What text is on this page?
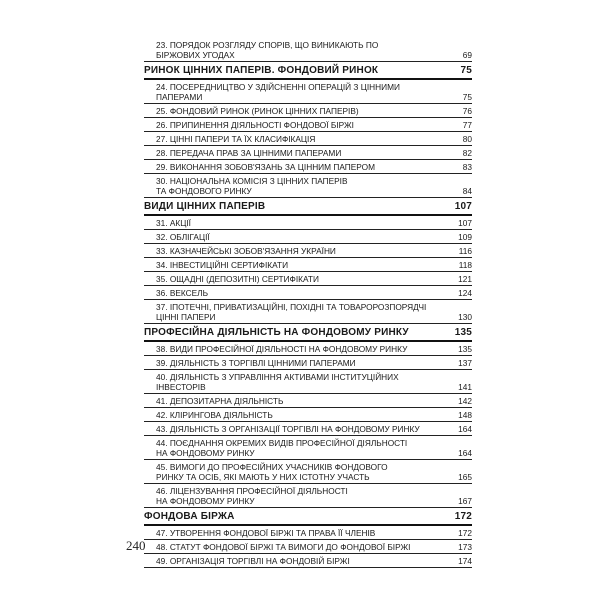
23. ПОРЯДОК РОЗГЛЯДУ СПОРІВ, ЩО ВИНИКАЮТЬ ПО
БІРЖОВИХ УГОДАХ	69
РИНОК ЦІННИХ ПАПЕРІВ. ФОНДОВИЙ РИНОК	75
24. ПОСЕРЕДНИЦТВО У ЗДІЙСНЕННІ ОПЕРАЦІЙ З ЦІННИМИ
ПАПЕРАМИ	75
25. ФОНДОВИЙ РИНОК (РИНОК ЦІННИХ ПАПЕРІВ)	76
26. ПРИПИНЕННЯ ДІЯЛЬНОСТІ ФОНДОВОЇ БІРЖІ	77
27. ЦІННІ ПАПЕРИ ТА ЇХ КЛАСИФІКАЦІЯ	80
28. ПЕРЕДАЧА ПРАВ ЗА ЦІННИМИ ПАПЕРАМИ	82
29. ВИКОНАННЯ ЗОБОВ'ЯЗАНЬ ЗА ЦІННИМ ПАПЕРОМ	83
30. НАЦІОНАЛЬНА КОМІСІЯ З ЦІННИХ ПАПЕРІВ
ТА ФОНДОВОГО РИНКУ	84
ВИДИ ЦІННИХ ПАПЕРІВ	107
31. АКЦІЇ	107
32. ОБЛІГАЦІЇ	109
33. КАЗНАЧЕЙСЬКІ ЗОБОВ'ЯЗАННЯ УКРАЇНИ	116
34. ІНВЕСТИЦІЙНІ СЕРТИФІКАТИ	118
35. ОЩАДНІ (ДЕПОЗИТНІ) СЕРТИФІКАТИ	121
36. ВЕКСЕЛЬ	124
37. ІПОТЕЧНІ, ПРИВАТИЗАЦІЙНІ, ПОХІДНІ ТА ТОВАРОРОЗПОРЯДЧІ
ЦІННІ ПАПЕРИ	130
ПРОФЕСІЙНА ДІЯЛЬНІСТЬ НА ФОНДОВОМУ РИНКУ	135
38. ВИДИ ПРОФЕСІЙНОЇ ДІЯЛЬНОСТІ НА ФОНДОВОМУ РИНКУ	135
39. ДІЯЛЬНІСТЬ З ТОРГІВЛІ ЦІННИМИ ПАПЕРАМИ	137
40. ДІЯЛЬНІСТЬ З УПРАВЛІННЯ АКТИВАМИ ІНСТИТУЦІЙНИХ
ІНВЕСТОРІВ	141
41. ДЕПОЗИТАРНА ДІЯЛЬНІСТЬ	142
42. КЛІРИНГОВА ДІЯЛЬНІСТЬ	148
43. ДІЯЛЬНІСТЬ З ОРГАНІЗАЦІЇ ТОРГІВЛІ НА ФОНДОВОМУ РИНКУ	164
44. ПОЄДНАННЯ ОКРЕМИХ ВИДІВ ПРОФЕСІЙНОЇ ДІЯЛЬНОСТІ
НА ФОНДОВОМУ РИНКУ	164
45. ВИМОГИ ДО ПРОФЕСІЙНИХ УЧАСНИКІВ ФОНДОВОГО
РИНКУ ТА ОСІБ, ЯКІ МАЮТЬ У НИХ ІСТОТНУ УЧАСТЬ	165
46. ЛІЦЕНЗУВАННЯ ПРОФЕСІЙНОЇ ДІЯЛЬНОСТІ
НА ФОНДОВОМУ РИНКУ	167
ФОНДОВА БІРЖА	172
47. УТВОРЕННЯ ФОНДОВОЇ БІРЖІ ТА ПРАВА ЇЇ ЧЛЕНІВ	172
48. СТАТУТ ФОНДОВОЇ БІРЖІ ТА ВИМОГИ ДО ФОНДОВОЇ БІРЖІ	173
49. ОРГАНІЗАЦІЯ ТОРГІВЛІ НА ФОНДОВІЙ БІРЖІ	174
240
